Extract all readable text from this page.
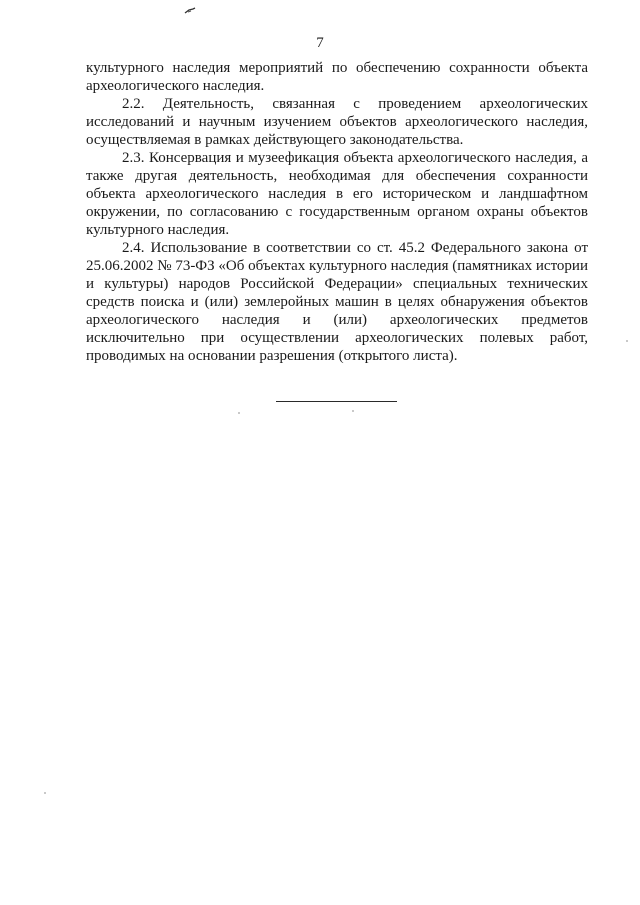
7

культурного наследия мероприятий по обеспечению сохранности объекта археологического наследия.

2.2. Деятельность, связанная с проведением археологических исследований и научным изучением объектов археологического наследия, осуществляемая в рамках действующего законодательства.

2.3. Консервация и музеефикация объекта археологического наследия, а также другая деятельность, необходимая для обеспечения сохранности объекта археологического наследия в его историческом и ландшафтном окружении, по согласованию с государственным органом охраны объектов культурного наследия.

2.4. Использование в соответствии со ст. 45.2 Федерального закона от 25.06.2002 № 73-ФЗ «Об объектах культурного наследия (памятниках истории и культуры) народов Российской Федерации» специальных технических средств поиска и (или) землеройных машин в целях обнаружения объектов археологического наследия и (или) археологических предметов исключительно при осуществлении археологических полевых работ, проводимых на основании разрешения (открытого листа).
